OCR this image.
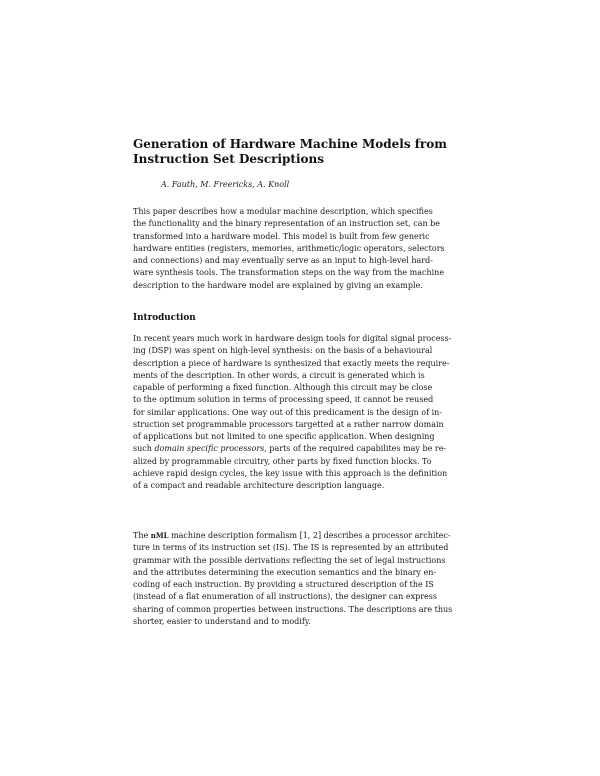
Generation of Hardware Machine Models from
Instruction Set Descriptions
A. Fauth, M. Freericks, A. Knoll
This paper describes how a modular machine description, which specifies
the functionality and the binary representation of an instruction set, can be
transformed into a hardware model. This model is built from few generic
hardware entities (registers, memories, arithmetic/logic operators, selectors
and connections) and may eventually serve as an input to high-level hard-
ware synthesis tools. The transformation steps on the way from the machine
description to the hardware model are explained by giving an example.
Introduction
In recent years much work in hardware design tools for digital signal process-
ing (DSP) was spent on high-level synthesis: on the basis of a behavioural
description a piece of hardware is synthesized that exactly meets the require-
ments of the description. In other words, a circuit is generated which is
capable of performing a fixed function. Although this circuit may be close
to the optimum solution in terms of processing speed, it cannot be reused
for similar applications. One way out of this predicament is the design of in-
struction set programmable processors targetted at a rather narrow domain
of applications but not limited to one specific application. When designing
such domain specific processors, parts of the required capabilites may be re-
alized by programmable circuitry, other parts by fixed function blocks. To
achieve rapid design cycles, the key issue with this approach is the definition
of a compact and readable architecture description language.
The nML machine description formalism [1, 2] describes a processor architec-
ture in terms of its instruction set (IS). The IS is represented by an attributed
grammar with the possible derivations reflecting the set of legal instructions
and the attributes determining the execution semantics and the binary en-
coding of each instruction. By providing a structured description of the IS
(instead of a flat enumeration of all instructions), the designer can express
sharing of common properties between instructions. The descriptions are thus
shorter, easier to understand and to modify.
